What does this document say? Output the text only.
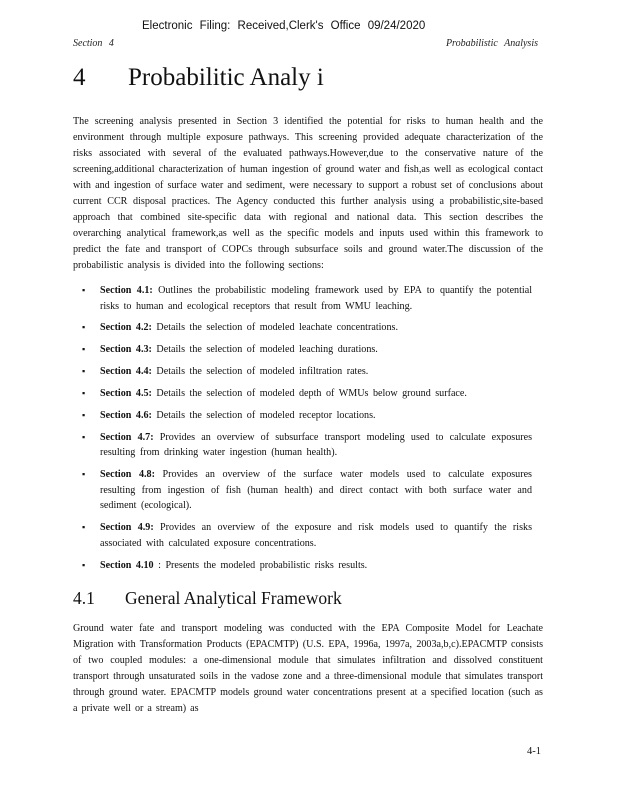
Electronic Filing: Received,Clerk's Office 09/24/2020
Section 4	Probabilistic Analysis
4 Probabilitic Analy i

The screening analysis presented in Section 3 identified the potential for risks to human health and the environment through multiple exposure pathways. This screening provided adequate characterization of the risks associated with several of the evaluated pathways.However,due to the conservative nature of the screening,additional characterization of human ingestion of ground water and fish,as well as ecological contact with and ingestion of surface water and sediment, were necessary to support a robust set of conclusions about current CCR disposal practices. The Agency conducted this further analysis using a probabilistic,site-based approach that combined site-specific data with regional and national data. This section describes the overarching analytical framework,as well as the specific models and inputs used within this framework to predict the fate and transport of COPCs through subsurface soils and ground water.The discussion of the probabilistic analysis is divided into the following sections:

▪ Section 4.1: Outlines the probabilistic modeling framework used by EPA to quantify the potential risks to human and ecological receptors that result from WMU leaching.
▪ Section 4.2: Details the selection of modeled leachate concentrations.
▪ Section 4.3: Details the selection of modeled leaching durations.
▪ Section 4.4: Details the selection of modeled infiltration rates.
▪ Section 4.5: Details the selection of modeled depth of WMUs below ground surface.
▪ Section 4.6: Details the selection of modeled receptor locations.
▪ Section 4.7: Provides an overview of subsurface transport modeling used to calculate exposures resulting from drinking water ingestion (human health).
▪ Section 4.8: Provides an overview of the surface water models used to calculate exposures resulting from ingestion of fish (human health) and direct contact with both surface water and sediment (ecological).
▪ Section 4.9: Provides an overview of the exposure and risk models used to quantify the risks associated with calculated exposure concentrations.
▪ Section 4.10 : Presents the modeled probabilistic risks results.
4.1 General Analytical Framework

Ground water fate and transport modeling was conducted with the EPA Composite Model for Leachate Migration with Transformation Products (EPACMTP) (U.S. EPA, 1996a, 1997a, 2003a,b,c).EPACMTP consists of two coupled modules: a one-dimensional module that simulates infiltration and dissolved constituent transport through unsaturated soils in the vadose zone and a three-dimensional module that simulates transport through ground water. EPACMTP models ground water concentrations present at a specified location (such as a private well or a stream) as

4-1
